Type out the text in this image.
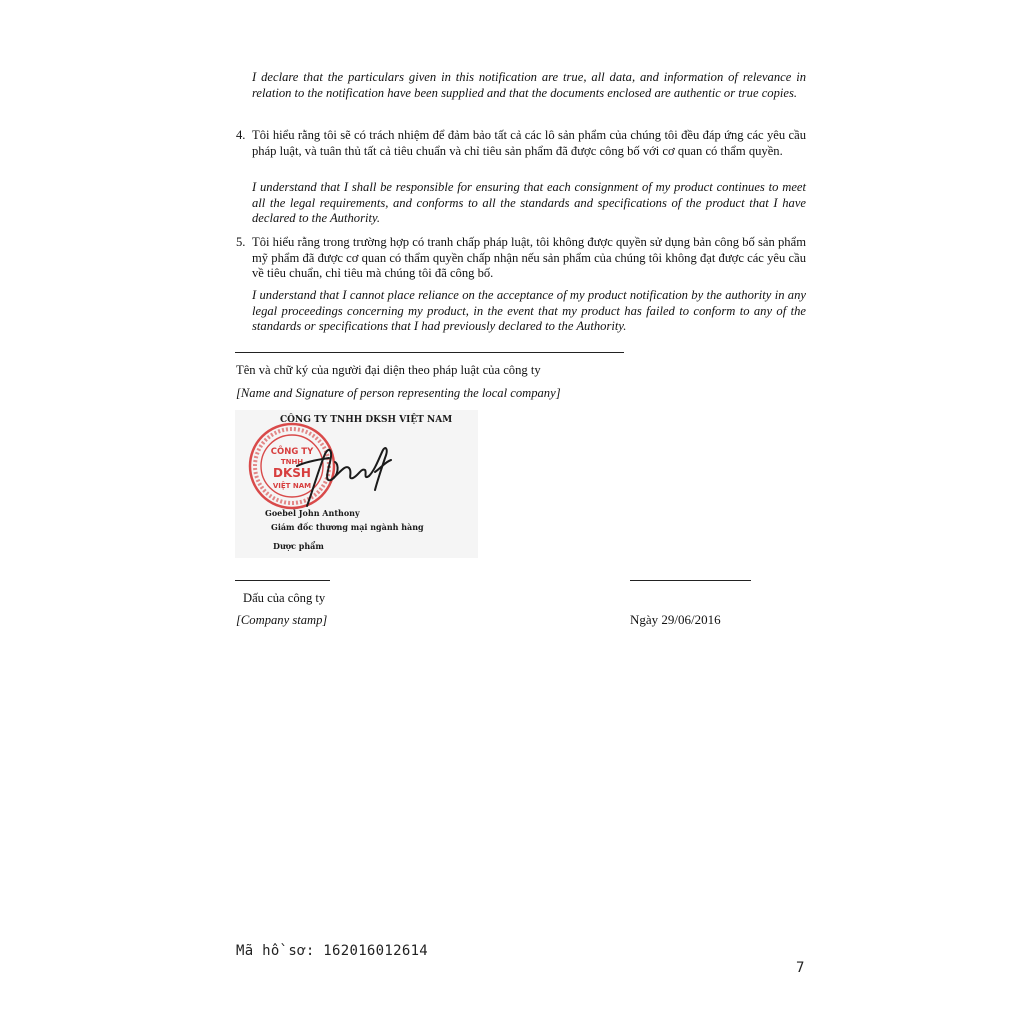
I declare that the particulars given in this notification are true, all data, and information of relevance in relation to the notification have been supplied and that the documents enclosed are authentic or true copies.
4. Tôi hiểu rằng tôi sẽ có trách nhiệm để đảm bảo tất cả các lô sản phẩm của chúng tôi đều đáp ứng các yêu cầu pháp luật, và tuân thủ tất cả tiêu chuẩn và chỉ tiêu sản phẩm đã được công bố với cơ quan có thẩm quyền.
I understand that I shall be responsible for ensuring that each consignment of my product continues to meet all the legal requirements, and conforms to all the standards and specifications of the product that I have declared to the Authority.
5. Tôi hiểu rằng trong trường hợp có tranh chấp pháp luật, tôi không được quyền sử dụng bản công bố sản phẩm mỹ phẩm đã được cơ quan có thẩm quyền chấp nhận nếu sản phẩm của chúng tôi không đạt được các yêu cầu về tiêu chuẩn, chỉ tiêu mà chúng tôi đã công bố.
I understand that I cannot place reliance on the acceptance of my product notification by the authority in any legal proceedings concerning my product, in the event that my product has failed to conform to any of the standards or specifications that I had previously declared to the Authority.
Tên và chữ ký của người đại diện theo pháp luật của công ty
[Name and Signature of person representing the local company]
CÔNG TY TNHH DKSH VIỆT NAM
CÔNG TY
TNHH
DKSH
VIỆT NAM
Goebel John Anthony
Giám đốc thương mại ngành hàng
Dược phẩm
Dấu của công ty
[Company stamp]	Ngày 29/06/2016
Mã hồ sơ: 162016012614
7
